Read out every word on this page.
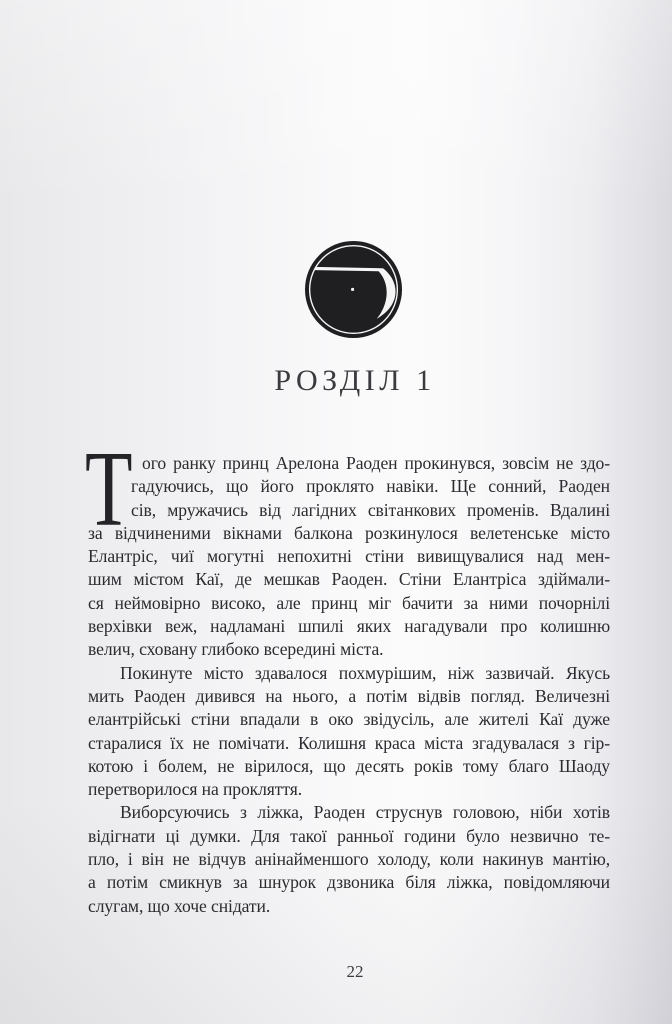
РОЗДІЛ 1
Т ого ранку принц Арелона Раоден прокинувся, зовсім не здо-
гадуючись, що його проклято навіки. Ще сонний, Раоден
сів, мружачись від лагідних світанкових променів. Вдалині
за відчиненими вікнами балкона розкинулося велетенське місто
Елантріс, чиї могутні непохитні стіни вивищувалися над мен-
шим містом Каї, де мешкав Раоден. Стіни Елантріса здіймали-
ся неймовірно високо, але принц міг бачити за ними почорнілі
верхівки веж, надламані шпилі яких нагадували про колишню
велич, сховану глибоко всередині міста.
Покинуте місто здавалося похмурішим, ніж зазвичай. Якусь
мить Раоден дивився на нього, а потім відвів погляд. Величезні
елантрійські стіни впадали в око звідусіль, але жителі Каї дуже
старалися їх не помічати. Колишня краса міста згадувалася з гір-
котою і болем, не вірилося, що десять років тому благо Шаоду
перетворилося на прокляття.
Виборсуючись з ліжка, Раоден струснув головою, ніби хотів
відігнати ці думки. Для такої ранньої години було незвично те-
пло, і він не відчув анінайменшого холоду, коли накинув мантію,
а потім смикнув за шнурок дзвоника біля ліжка, повідомляючи
слугам, що хоче снідати.
22
